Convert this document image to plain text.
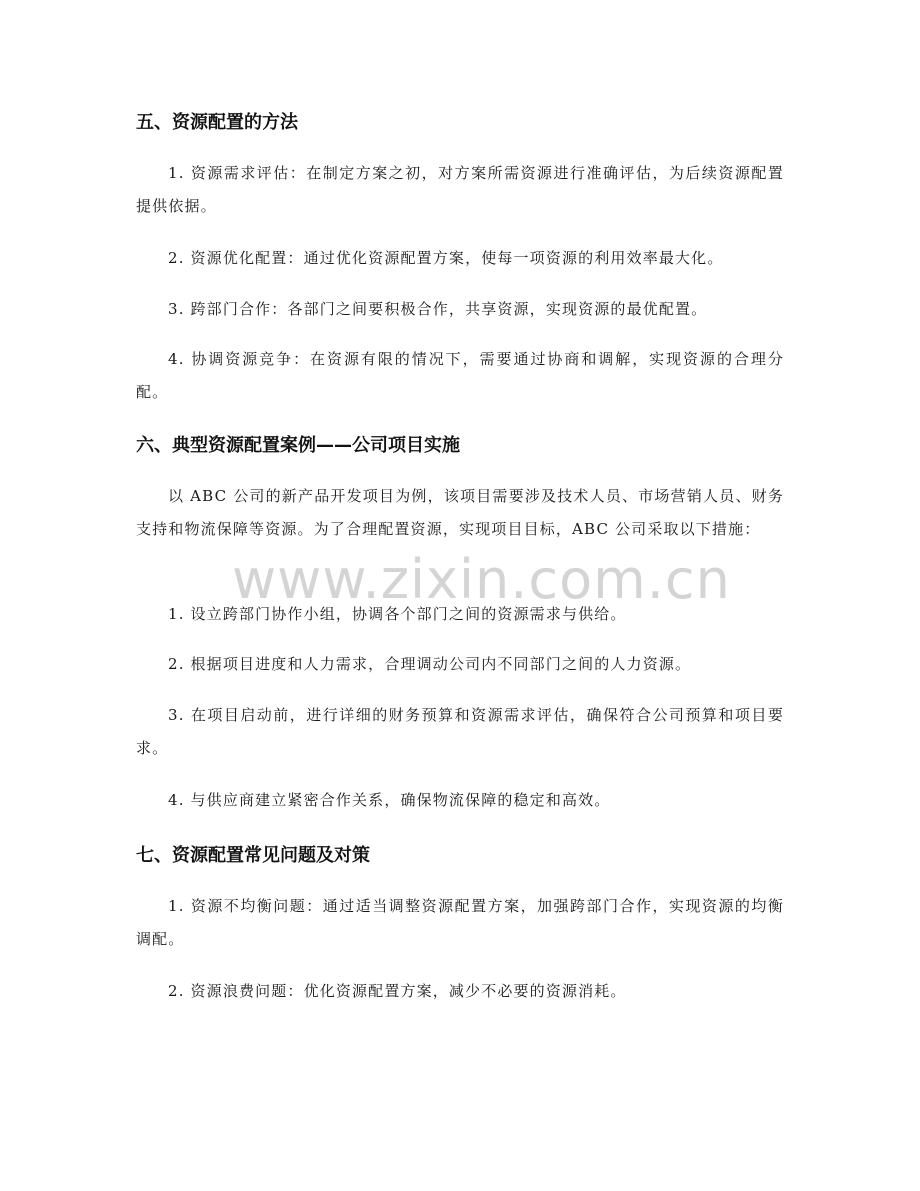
www.zixin.com.cn
五、资源配置的方法
1. 资源需求评估：在制定方案之初，对方案所需资源进行准确评估，为后续资源配置提供依据。
2. 资源优化配置：通过优化资源配置方案，使每一项资源的利用效率最大化。
3. 跨部门合作：各部门之间要积极合作，共享资源，实现资源的最优配置。
4. 协调资源竞争：在资源有限的情况下，需要通过协商和调解，实现资源的合理分配。
六、典型资源配置案例——公司项目实施
以 ABC 公司的新产品开发项目为例，该项目需要涉及技术人员、市场营销人员、财务支持和物流保障等资源。为了合理配置资源，实现项目目标，ABC 公司采取以下措施：
1. 设立跨部门协作小组，协调各个部门之间的资源需求与供给。
2. 根据项目进度和人力需求，合理调动公司内不同部门之间的人力资源。
3. 在项目启动前，进行详细的财务预算和资源需求评估，确保符合公司预算和项目要求。
4. 与供应商建立紧密合作关系，确保物流保障的稳定和高效。
七、资源配置常见问题及对策
1. 资源不均衡问题：通过适当调整资源配置方案，加强跨部门合作，实现资源的均衡调配。
2. 资源浪费问题：优化资源配置方案，减少不必要的资源消耗。
